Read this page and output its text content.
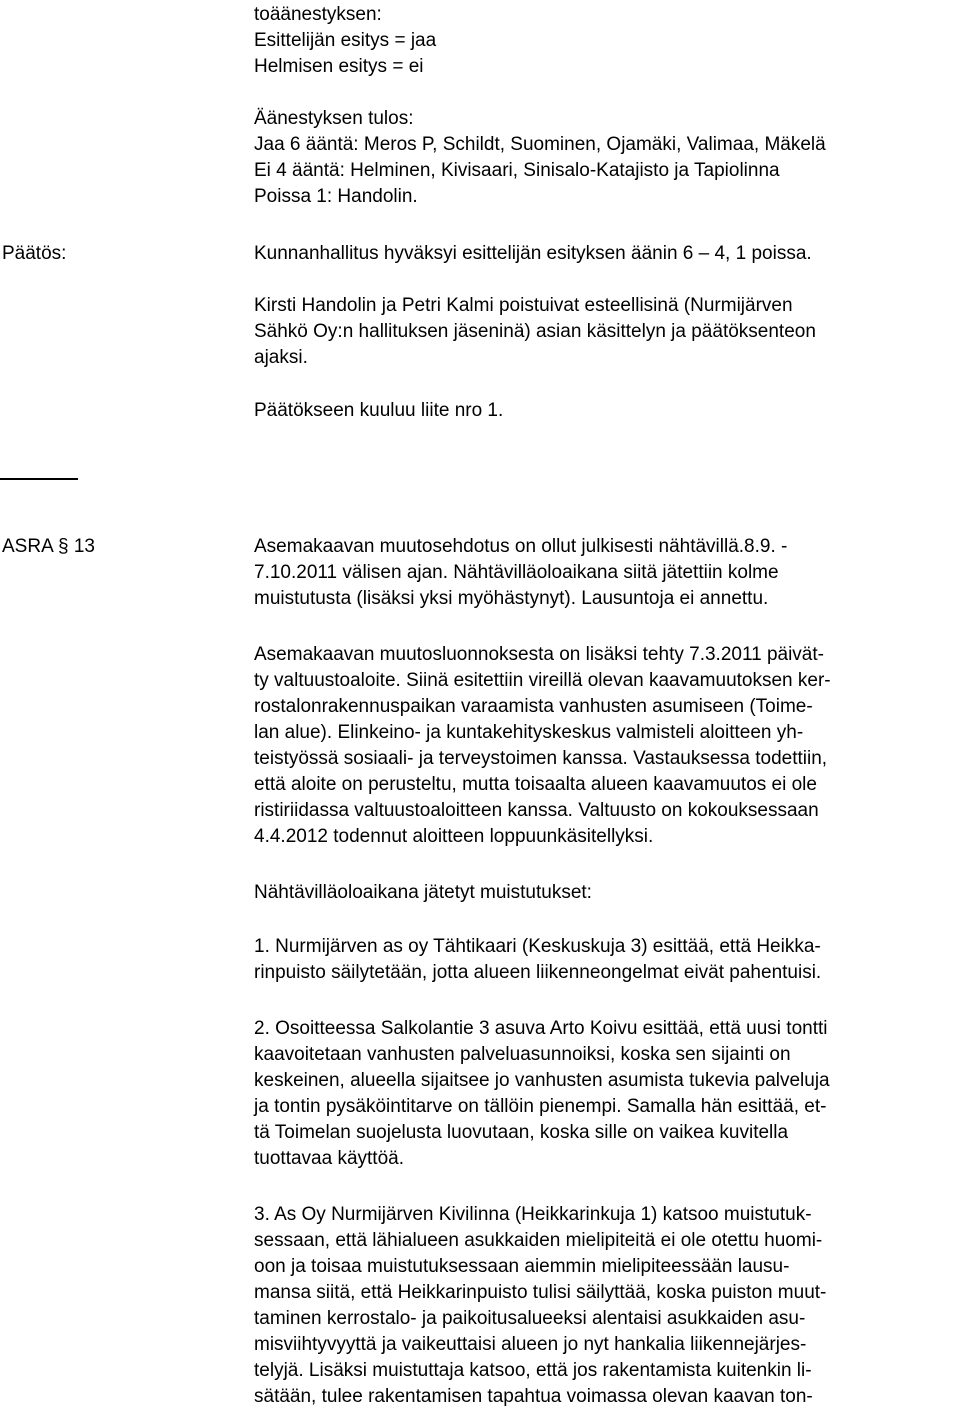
toäänestyksen:
Esittelijän esitys = jaa
Helmisen esitys = ei
Äänestyksen tulos:
Jaa 6 ääntä: Meros P, Schildt, Suominen, Ojamäki, Valimaa, Mäkelä
Ei 4 ääntä: Helminen, Kivisaari, Sinisalo-Katajisto ja Tapiolinna
Poissa 1: Handolin.
Päätös:	Kunnanhallitus hyväksyi esittelijän esityksen äänin 6 – 4, 1 poissa.
Kirsti Handolin ja Petri Kalmi poistuivat esteellisinä (Nurmijärven
Sähkö Oy:n hallituksen jäseninä) asian käsittelyn ja päätöksenteon
ajaksi.
Päätökseen kuuluu liite nro 1.
ASRA § 13	Asemakaavan muutosehdotus on ollut julkisesti nähtävillä.8.9. -
7.10.2011 välisen ajan. Nähtävilläoloaikana siitä jätettiin kolme
muistutusta (lisäksi yksi myöhästynyt). Lausuntoja ei annettu.
Asemakaavan muutosluonnoksesta on lisäksi tehty 7.3.2011 päivät-
ty valtuustoaloite. Siinä esitettiin vireillä olevan kaavamuutoksen ker-
rostalonrakennuspaikan varaamista vanhusten asumiseen (Toime-
lan alue). Elinkeino- ja kuntakehityskeskus valmisteli aloitteen yh-
teistyössä sosiaali- ja terveystoimen kanssa. Vastauksessa todettiin,
että aloite on perusteltu, mutta toisaalta alueen kaavamuutos ei ole
ristiriidassa valtuustoaloitteen kanssa. Valtuusto on kokouksessaan
4.4.2012 todennut aloitteen loppuunkäsitellyksi.
Nähtävilläoloaikana jätetyt muistutukset:
1. Nurmijärven as oy Tähtikaari (Keskuskuja 3) esittää, että Heikka-
rinpuisto säilytetään, jotta alueen liikenneongelmat eivät pahentuisi.
2. Osoitteessa Salkolantie 3 asuva Arto Koivu esittää, että uusi tontti
kaavoitetaan vanhusten palveluasunnoiksi, koska sen sijainti on
keskeinen, alueella sijaitsee jo vanhusten asumista tukevia palveluja
ja tontin pysäköintitarve on tällöin pienempi. Samalla hän esittää, et-
tä Toimelan suojelusta luovutaan, koska sille on vaikea kuvitella
tuottavaa käyttöä.
3. As Oy Nurmijärven Kivilinna (Heikkarinkuja 1) katsoo muistutuk-
sessaan, että lähialueen asukkaiden mielipiteitä ei ole otettu huomi-
oon ja toisaa muistutuksessaan aiemmin mielipiteessään lausu-
mansa siitä, että Heikkarinpuisto tulisi säilyttää, koska puiston muut-
taminen kerrostalo- ja paikoitusalueeksi alentaisi asukkaiden asu-
misviihtyvyyttä ja vaikeuttaisi alueen jo nyt hankalia liikennejärjes-
telyjä. Lisäksi muistuttaja katsoo, että jos rakentamista kuitenkin li-
sätään, tulee rakentamisen tapahtua voimassa olevan kaavan ton-
